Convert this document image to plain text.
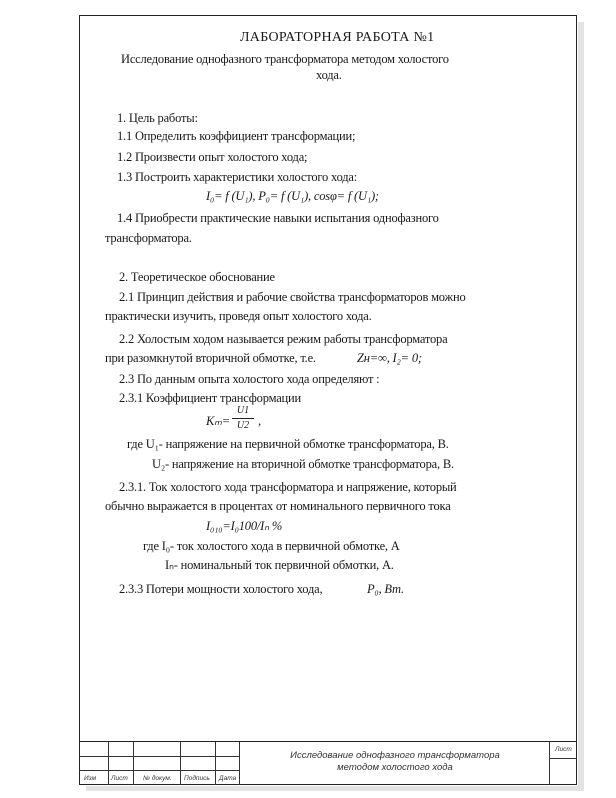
ЛАБОРАТОРНАЯ РАБОТА №1
Исследование однофазного трансформатора методом холостого
хода.
1. Цель работы:
1.1 Определить коэффициент трансформации;
1.2 Произвести опыт холостого хода;
1.3 Построить характеристики холостого хода:
I₀= f (U₁), P₀= f (U₁), cosφ= f (U₁);
1.4 Приобрести практические навыки испытания однофазного
трансформатора.
2. Теоретическое обоснование
2.1 Принцип действия и рабочие свойства трансформаторов можно
практически изучить, проведя опыт холостого хода.
2.2 Холостым ходом называется режим работы трансформатора
при разомкнутой вторичной обмотке, т.е.	Zн=∞, I₂= 0;
2.3 По данным опыта холостого хода определяют :
2.3.1 Коэффициент трансформации
Kₘ=
U1
U2 ,
где U₁- напряжение на первичной обмотке трансформатора, В.
U₂- напряжение на вторичной обмотке трансформатора, В.
2.3.1. Ток холостого хода трансформатора и напряжение, который
обычно выражается в процентах от номинального первичного тока
I₀₁₀=I₀100/Iₙ %
где I₀- ток холостого хода в первичной обмотке, А
Iₙ- номинальный ток первичной обмотки, А.
2.3.3 Потери мощности холостого хода,	P₀, Вт.
Изм Лист № докум. Подпись Дата
Лист
Исследование однофазного трансформатора
методом холостого хода
